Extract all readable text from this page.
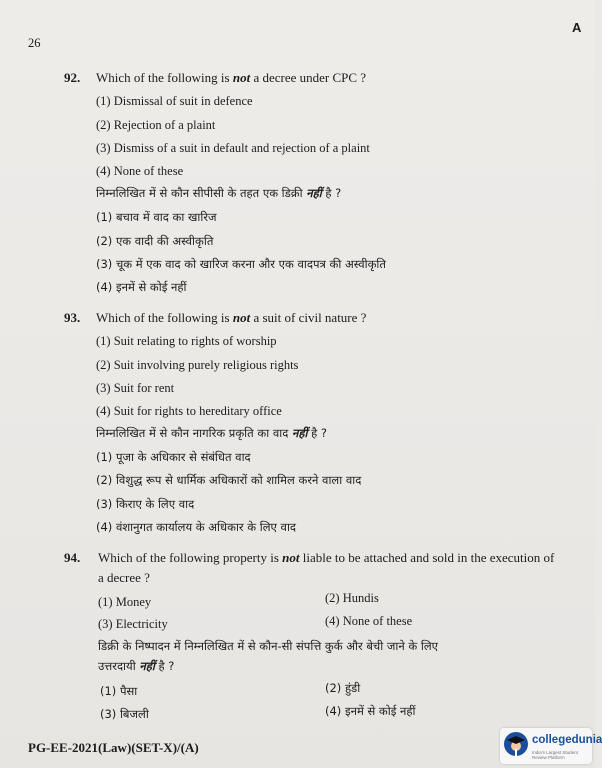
26
A
92. Which of the following is not a decree under CPC ?
(1) Dismissal of suit in defence
(2) Rejection of a plaint
(3) Dismiss of a suit in default and rejection of a plaint
(4) None of these
निम्नलिखित में से कौन सीपीसी के तहत एक डिक्री नहीं है ?
(1) बचाव में वाद का खारिज
(2) एक वादी की अस्वीकृति
(3) चूक में एक वाद को खारिज करना और एक वादपत्र की अस्वीकृति
(4) इनमें से कोई नहीं
93. Which of the following is not a suit of civil nature ?
(1) Suit relating to rights of worship
(2) Suit involving purely religious rights
(3) Suit for rent
(4) Suit for rights to hereditary office
निम्नलिखित में से कौन नागरिक प्रकृति का वाद नहीं है ?
(1) पूजा के अधिकार से संबंधित वाद
(2) विशुद्ध रूप से धार्मिक अधिकारों को शामिल करने वाला वाद
(3) किराए के लिए वाद
(4) वंशानुगत कार्यालय के अधिकार के लिए वाद
94. Which of the following property is not liable to be attached and sold in the execution of
a decree ?
(1) Money	(2) Hundis
(3) Electricity	(4) None of these
डिक्री के निष्पादन में निम्नलिखित में से कौन-सी संपत्ति कुर्क और बेची जाने के लिए
उत्तरदायी नहीं है ?
(1) पैसा	(2) हुंडी
(3) बिजली	(4) इनमें से कोई नहीं
PG-EE-2021(Law)(SET-X)/(A)	collegedunia
India's Largest Student Review Platform
